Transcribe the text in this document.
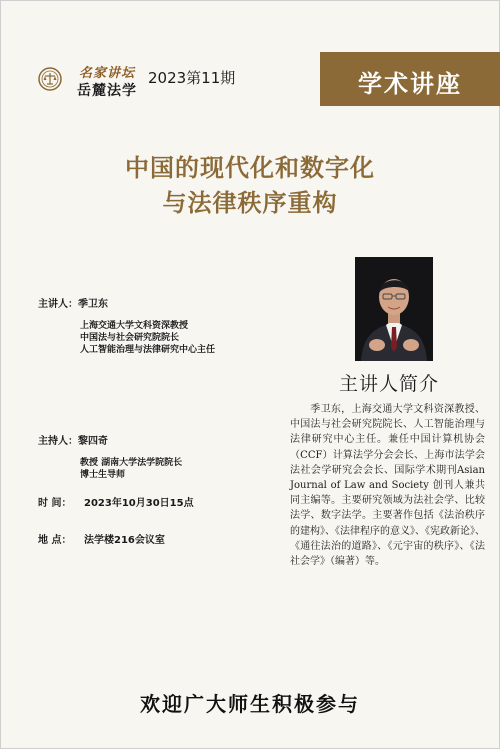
名家讲坛
岳麓法学
2023第11期	学术讲座
中国的现代化和数字化
与法律秩序重构
主讲人简介
主讲人：季卫东
上海交通大学文科资深教授
中国法与社会研究院院长
人工智能治理与法律研究中心主任
主持人：黎四奇
教授 湖南大学法学院院长
博士生导师
时 间： 2023年10月30日15点
地 点： 法学楼216会议室
季卫东，上海交通大学文科资深教授、中国法与社会研究院院长、人工智能治理与法律研究中心主任。兼任中国计算机协会（CCF）计算法学分会会长、上海市法学会法社会学研究会会长、国际学术期刊Asian Journal of Law and Society 创刊人兼共同主编等。主要研究领域为法社会学、比较法学、数字法学。主要著作包括《法治秩序的建构》、《法律程序的意义》、《宪政新论》、《通往法治的道路》、《元宇宙的秩序》、《法社会学》（编著）等。
欢迎广大师生积极参与
